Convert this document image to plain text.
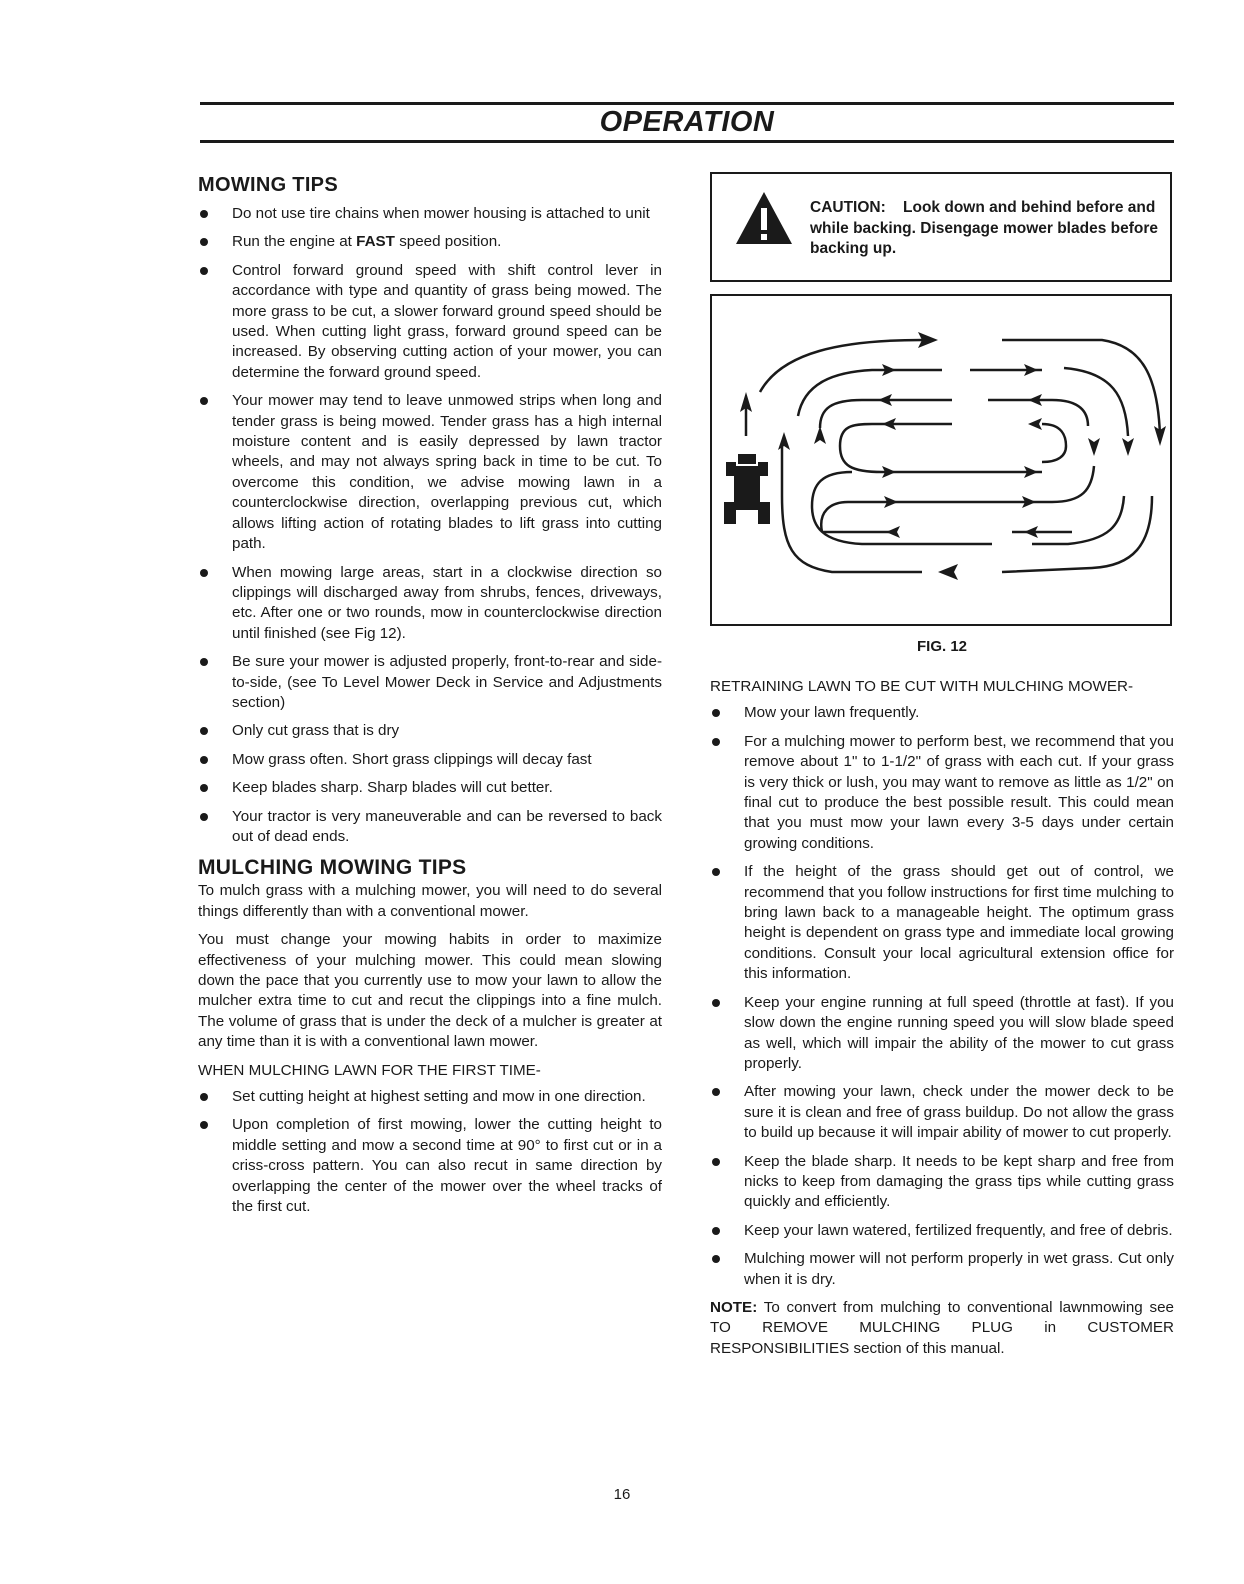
OPERATION
MOWING TIPS
Do not use tire chains when mower housing is attached to unit
Run the engine at FAST speed position.
Control forward ground speed with shift control lever in accordance with type and quantity of grass being mowed. The more grass to be cut, a slower forward ground speed should be used. When cutting light grass, forward ground speed can be increased. By observing cutting action of your mower, you can determine the forward ground speed.
Your mower may tend to leave unmowed strips when long and tender grass is being mowed. Tender grass has a high internal moisture content and is easily depressed by lawn tractor wheels, and may not always spring back in time to be cut. To overcome this condition, we advise mowing lawn in a counterclockwise direction, overlapping previous cut, which allows lifting action of rotating blades to lift grass into cutting path.
When mowing large areas, start in a clockwise direction so clippings will discharged away from shrubs, fences, driveways, etc. After one or two rounds, mow in counterclockwise direction until finished (see Fig 12).
Be sure your mower is adjusted properly, front-to-rear and side-to-side, (see To Level Mower Deck in Service and Adjustments section)
Only cut grass that is dry
Mow grass often. Short grass clippings will decay fast
Keep blades sharp. Sharp blades will cut better.
Your tractor is very maneuverable and can be reversed to back out of dead ends.
MULCHING MOWING TIPS

To mulch grass with a mulching mower, you will need to do several things differently than with a conventional mower.

You must change your mowing habits in order to maximize effectiveness of your mulching mower. This could mean slowing down the pace that you currently use to mow your lawn to allow the mulcher extra time to cut and recut the clippings into a fine mulch. The volume of grass that is under the deck of a mulcher is greater at any time than it is with a conventional lawn mower.

WHEN MULCHING LAWN FOR THE FIRST TIME-
Set cutting height at highest setting and mow in one direction.
Upon completion of first mowing, lower the cutting height to middle setting and mow a second time at 90° to first cut or in a criss-cross pattern. You can also recut in same direction by overlapping the center of the mower over the wheel tracks of the first cut.
CAUTION: Look down and behind before and while backing. Disengage mower blades before backing up.
FIG. 12
RETRAINING LAWN TO BE CUT WITH MULCHING MOWER-
Mow your lawn frequently.
For a mulching mower to perform best, we recommend that you remove about 1" to 1-1/2" of grass with each cut. If your grass is very thick or lush, you may want to remove as little as 1/2" on final cut to produce the best possible result. This could mean that you must mow your lawn every 3-5 days under certain growing conditions.
If the height of the grass should get out of control, we recommend that you follow instructions for first time mulching to bring lawn back to a manageable height. The optimum grass height is dependent on grass type and immediate local growing conditions. Consult your local agricultural extension office for this information.
Keep your engine running at full speed (throttle at fast). If you slow down the engine running speed you will slow blade speed as well, which will impair the ability of the mower to cut grass properly.
After mowing your lawn, check under the mower deck to be sure it is clean and free of grass buildup. Do not allow the grass to build up because it will impair ability of mower to cut properly.
Keep the blade sharp. It needs to be kept sharp and free from nicks to keep from damaging the grass tips while cutting grass quickly and efficiently.
Keep your lawn watered, fertilized frequently, and free of debris.
Mulching mower will not perform properly in wet grass. Cut only when it is dry.

NOTE: To convert from mulching to conventional lawnmowing see TO REMOVE MULCHING PLUG in CUSTOMER RESPONSIBILITIES section of this manual.

16
